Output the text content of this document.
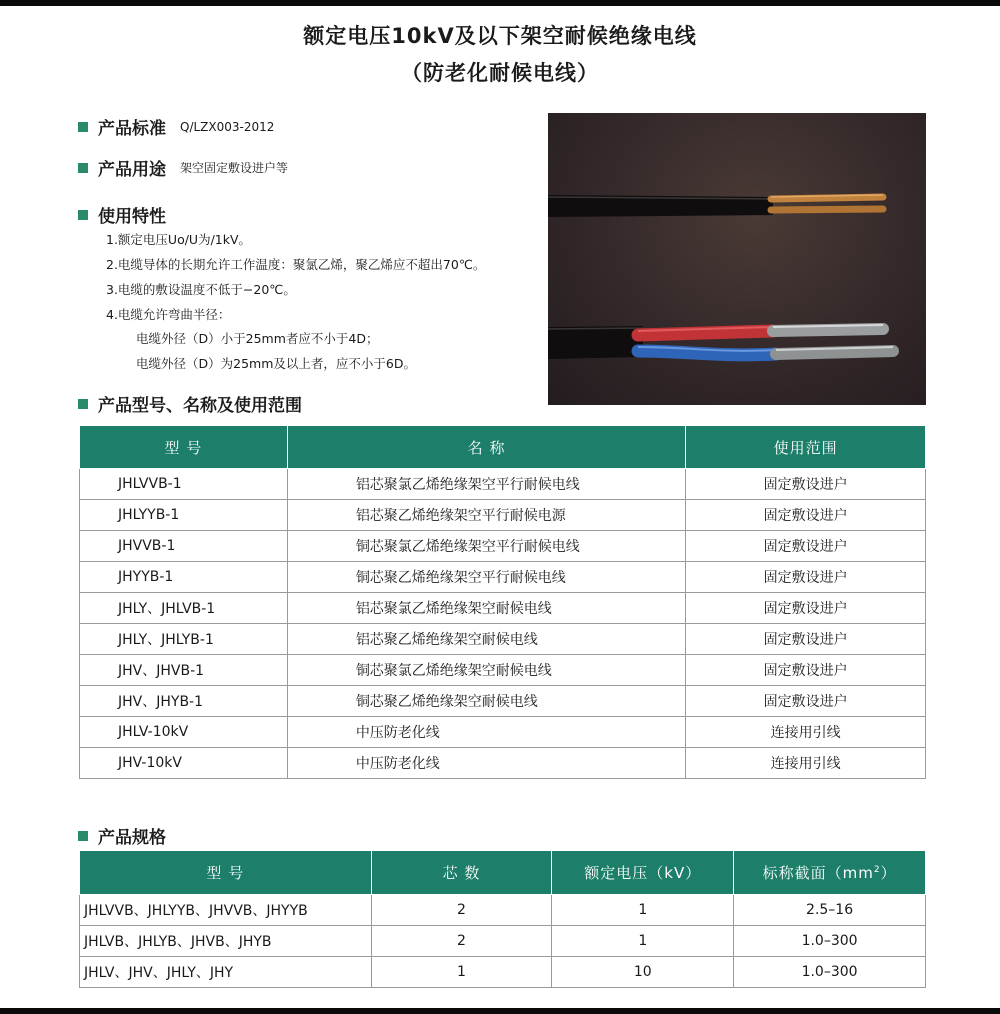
额定电压10kV及以下架空耐候绝缘电线
（防老化耐候电线）
产品标准 Q/LZX003-2012
产品用途 架空固定敷设进户等
使用特性
1.额定电压Uo/U为/1kV。
2.电缆导体的长期允许工作温度：聚氯乙烯，聚乙烯应不超出70℃。
3.电缆的敷设温度不低于−20℃。
4.电缆允许弯曲半径：
电缆外径（D）小于25mm者应不小于4D；
电缆外径（D）为25mm及以上者，应不小于6D。
产品型号、名称及使用范围
型 号	名 称	使用范围
JHLVVB-1	铝芯聚氯乙烯绝缘架空平行耐候电线	固定敷设进户
JHLYYB-1	铝芯聚乙烯绝缘架空平行耐候电源	固定敷设进户
JHVVB-1	铜芯聚氯乙烯绝缘架空平行耐候电线	固定敷设进户
JHYYB-1	铜芯聚乙烯绝缘架空平行耐候电线	固定敷设进户
JHLY、JHLVB-1	铝芯聚氯乙烯绝缘架空耐候电线	固定敷设进户
JHLY、JHLYB-1	铝芯聚乙烯绝缘架空耐候电线	固定敷设进户
JHV、JHVB-1	铜芯聚氯乙烯绝缘架空耐候电线	固定敷设进户
JHV、JHYB-1	铜芯聚乙烯绝缘架空耐候电线	固定敷设进户
JHLV-10kV	中压防老化线	连接用引线
JHV-10kV	中压防老化线	连接用引线
产品规格
型 号	芯 数	额定电压（kV）	标称截面$(mm^2)$
JHLVVB、JHLYYB、JHVVB、JHYYB	2	1	2.5–16
JHLVB、JHLYB、JHVB、JHYB	2	1	1.0–300
JHLV、JHV、JHLY、JHY	1	10	1.0–300
